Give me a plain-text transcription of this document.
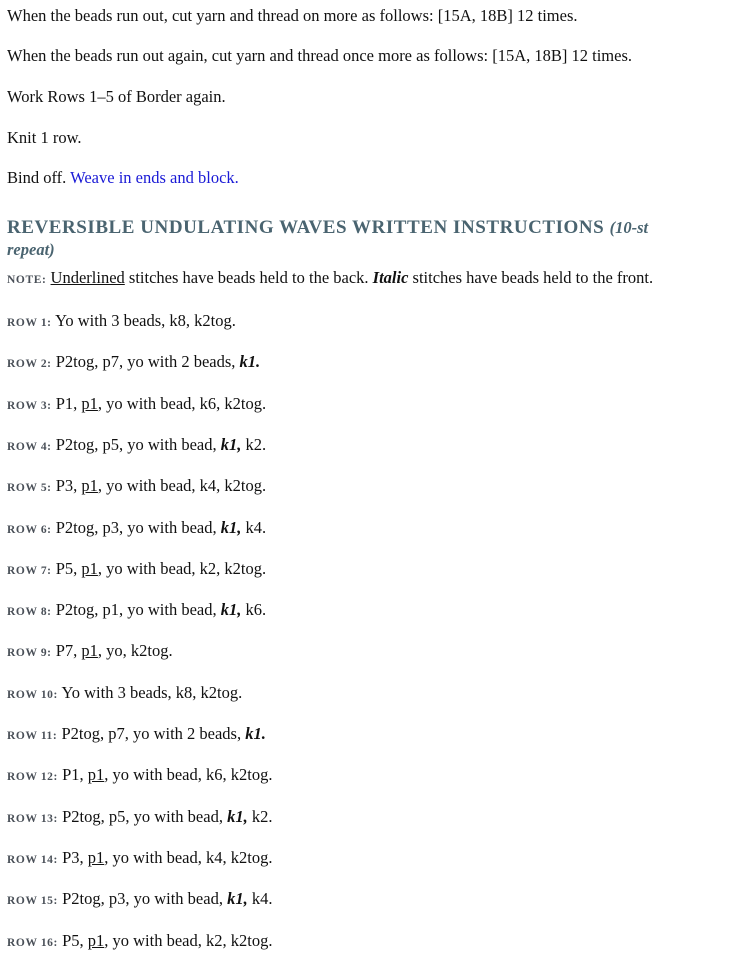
When the beads run out, cut yarn and thread on more as follows: [15A, 18B] 12 times.

When the beads run out again, cut yarn and thread once more as follows: [15A, 18B] 12 times.

Work Rows 1–5 of Border again.

Knit 1 row.

Bind off. Weave in ends and block.

REVERSIBLE UNDULATING WAVES WRITTEN INSTRUCTIONS (10-st

repeat)

NOTE: Underlined stitches have beads held to the back. Italic stitches have beads held to the front.

ROW 1: Yo with 3 beads, k8, k2tog.

ROW 2: P2tog, p7, yo with 2 beads, k1.

ROW 3: P1, p1, yo with bead, k6, k2tog.

ROW 4: P2tog, p5, yo with bead, k1, k2.

ROW 5: P3, p1, yo with bead, k4, k2tog.

ROW 6: P2tog, p3, yo with bead, k1, k4.

ROW 7: P5, p1, yo with bead, k2, k2tog.

ROW 8: P2tog, p1, yo with bead, k1, k6.

ROW 9: P7, p1, yo, k2tog.

ROW 10: Yo with 3 beads, k8, k2tog.

ROW 11: P2tog, p7, yo with 2 beads, k1.

ROW 12: P1, p1, yo with bead, k6, k2tog.

ROW 13: P2tog, p5, yo with bead, k1, k2.

ROW 14: P3, p1, yo with bead, k4, k2tog.

ROW 15: P2tog, p3, yo with bead, k1, k4.

ROW 16: P5, p1, yo with bead, k2, k2tog.
